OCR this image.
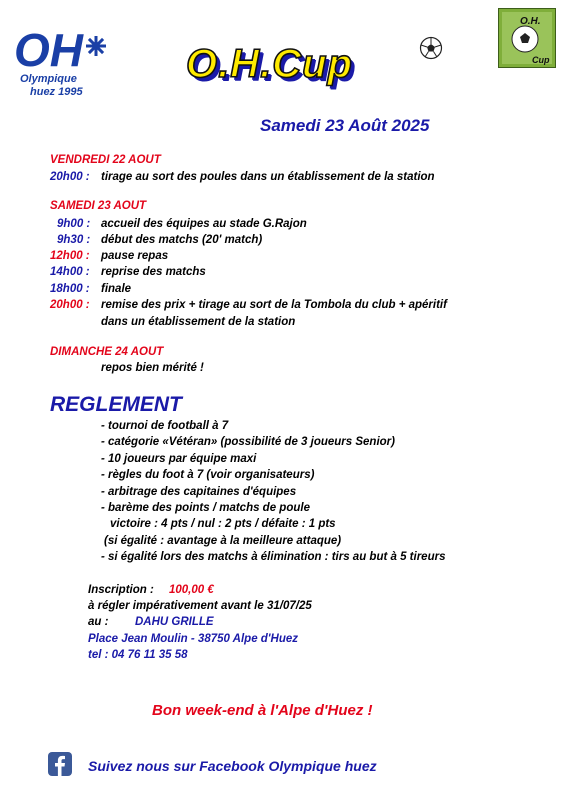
OH
Olympique
huez 1995
O.H.
Cup
O.H.Cup
Samedi 23 Août 2025
VENDREDI 22 AOUT
20h00 : tirage au sort des poules dans un établissement de la station
SAMEDI 23 AOUT
9h00 : accueil des équipes au stade G.Rajon
9h30 : début des matchs (20' match)
12h00 : pause repas
14h00 : reprise des matchs
18h00 : finale
20h00 : remise des prix + tirage au sort de la Tombola du club + apéritif
dans un établissement de la station
DIMANCHE 24 AOUT
repos bien mérité !
REGLEMENT
- tournoi de football à 7
- catégorie «Vétéran» (possibilité de 3 joueurs Senior)
- 10 joueurs par équipe maxi
- règles du foot à 7 (voir organisateurs)
- arbitrage des capitaines d'équipes
- barème des points / matchs de poule
victoire : 4 pts / nul : 2 pts / défaite : 1 pts
(si égalité : avantage à la meilleure attaque)
- si égalité lors des matchs à élimination : tirs au but à 5 tireurs
Inscription : 100,00 €
à régler impérativement avant le 31/07/25
au : DAHU GRILLE
Place Jean Moulin - 38750 Alpe d'Huez
tel : 04 76 11 35 58
Bon week-end à l'Alpe d'Huez !
Suivez nous sur Facebook Olympique huez
